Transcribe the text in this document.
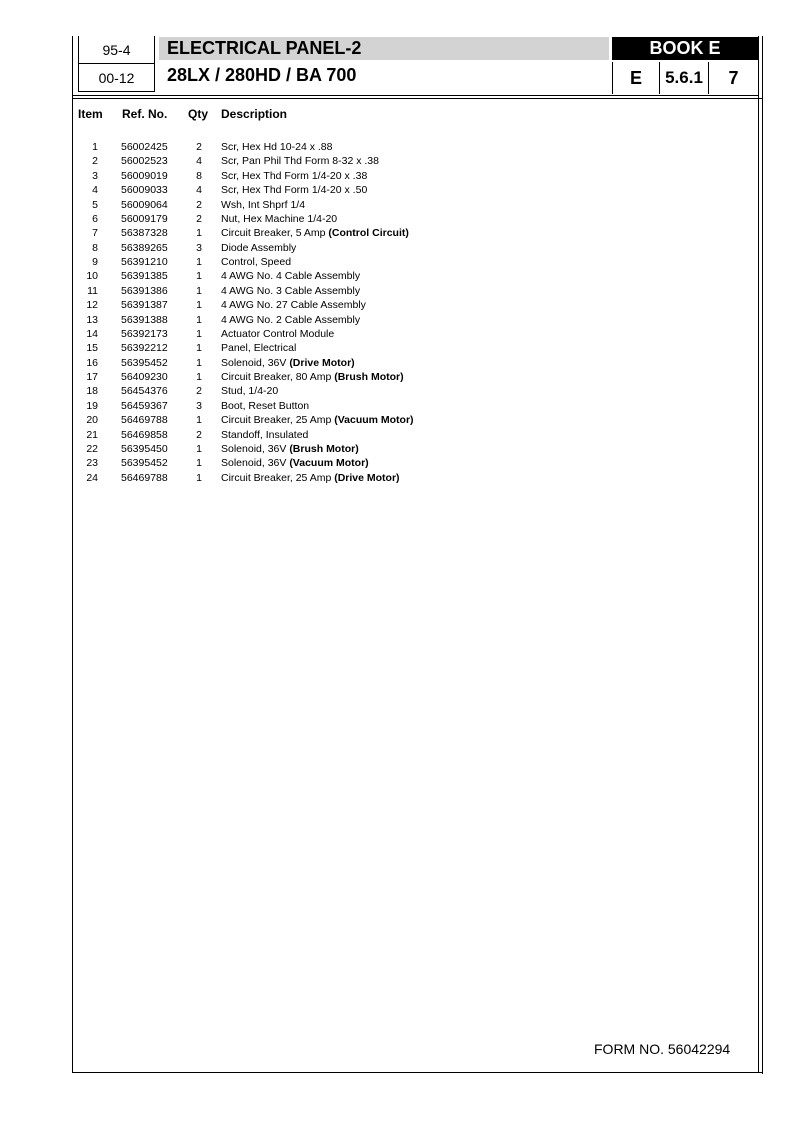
95-4
00-12
ELECTRICAL PANEL-2
28LX / 280HD / BA 700
BOOK E
E	5.6.1	7
Item Ref. No. Qty Description
1 56002425	2 Scr, Hex Hd 10-24 x .88
2 56002523	4 Scr, Pan Phil Thd Form 8-32 x .38
3 56009019	8 Scr, Hex Thd Form 1/4-20 x .38
4 56009033	4 Scr, Hex Thd Form 1/4-20 x .50
5 56009064	2 Wsh, Int Shprf 1/4
6 56009179	2 Nut, Hex Machine 1/4-20
7 56387328	1 Circuit Breaker, 5 Amp (Control Circuit)
8 56389265	3 Diode Assembly
9 56391210	1 Control, Speed
10 56391385	1 4 AWG No. 4 Cable Assembly
11 56391386	1 4 AWG No. 3 Cable Assembly
12 56391387	1 4 AWG No. 27 Cable Assembly
13 56391388	1 4 AWG No. 2 Cable Assembly
14 56392173	1 Actuator Control Module
15 56392212	1 Panel, Electrical
16 56395452	1 Solenoid, 36V (Drive Motor)
17 56409230	1 Circuit Breaker, 80 Amp (Brush Motor)
18 56454376	2 Stud, 1/4-20
19 56459367	3 Boot, Reset Button
20 56469788	1 Circuit Breaker, 25 Amp (Vacuum Motor)
21 56469858	2 Standoff, Insulated
22 56395450	1 Solenoid, 36V (Brush Motor)
23 56395452	1 Solenoid, 36V (Vacuum Motor)
24 56469788	1 Circuit Breaker, 25 Amp (Drive Motor)
FORM NO. 56042294
